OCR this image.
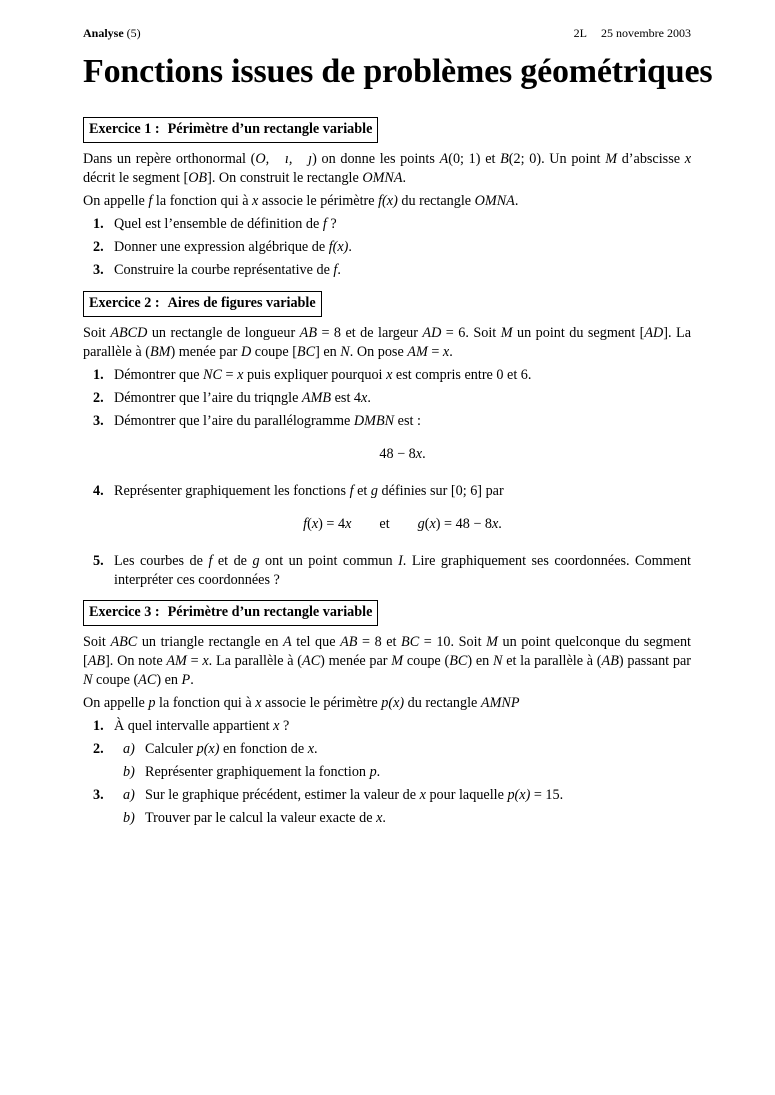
Analyse (5)	2L 25 novembre 2003
Fonctions issues de problèmes géométriques
Exercice 1 : Périmètre d’un rectangle variable

Dans un repère orthonormal (O, ⃗ı, ⃗ȷ) on donne les points A(0; 1) et B(2; 0). Un point M d’abscisse x décrit le segment [OB]. On construit le rectangle OMNA.

On appelle f la fonction qui à x associe le périmètre f(x) du rectangle OMNA.

1. Quel est l’ensemble de définition de f ?
2. Donner une expression algébrique de f(x).
3. Construire la courbe représentative de f.
Exercice 2 : Aires de figures variable

Soit ABCD un rectangle de longueur AB = 8 et de largeur AD = 6. Soit M un point du segment [AD]. La parallèle à (BM) menée par D coupe [BC] en N. On pose AM = x.

1. Démontrer que NC = x puis expliquer pourquoi x est compris entre 0 et 6.
2. Démontrer que l’aire du triqngle AMB est 4x.
3. Démontrer que l’aire du parallélogramme DMBN est :
48 − 8x.
4. Représenter graphiquement les fonctions f et g définies sur [0; 6] par
f(x) = 4x et g(x) = 48 − 8x.
5. Les courbes de f et de g ont un point commun I. Lire graphiquement ses coordonnées. Comment interpréter ces coordonnées ?
Exercice 3 : Périmètre d’un rectangle variable

Soit ABC un triangle rectangle en A tel que AB = 8 et BC = 10. Soit M un point quelconque du segment [AB]. On note AM = x. La parallèle à (AC) menée par M coupe (BC) en N et la parallèle à (AB) passant par N coupe (AC) en P.

On appelle p la fonction qui à x associe le périmètre p(x) du rectangle AMNP

1. À quel intervalle appartient x ?
2. a) Calculer p(x) en fonction de x.
b) Représenter graphiquement la fonction p.
3. a) Sur le graphique précédent, estimer la valeur de x pour laquelle p(x) = 15.
b) Trouver par le calcul la valeur exacte de x.
